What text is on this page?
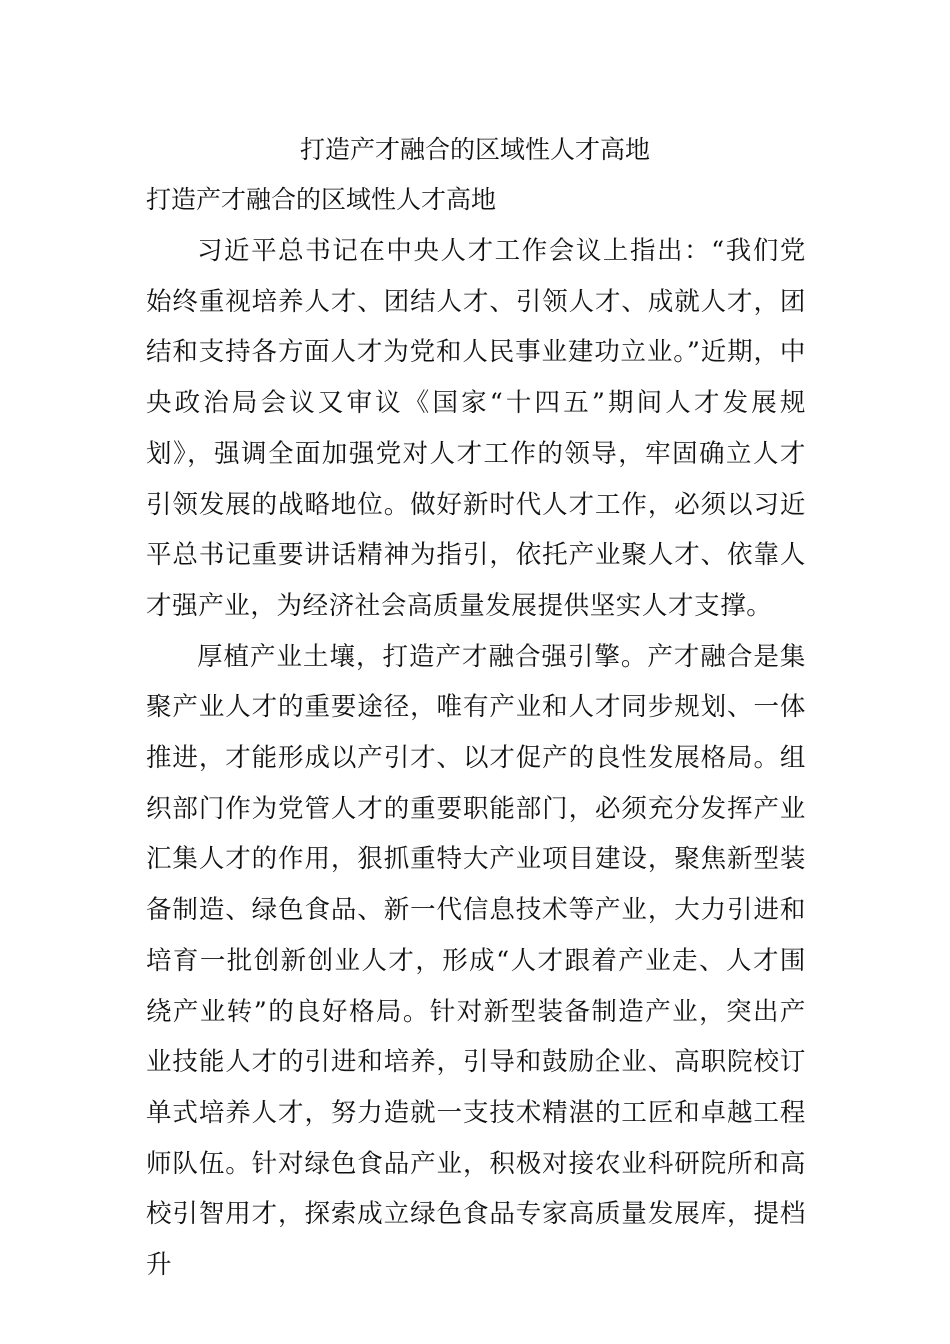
打造产才融合的区域性人才高地
打造产才融合的区域性人才高地

习近平总书记在中央人才工作会议上指出：“我们党始终重视培养人才、团结人才、引领人才、成就人才，团结和支持各方面人才为党和人民事业建功立业。”近期，中央政治局会议又审议《国家“十四五”期间人才发展规划》，强调全面加强党对人才工作的领导，牢固确立人才引领发展的战略地位。做好新时代人才工作，必须以习近平总书记重要讲话精神为指引，依托产业聚人才、依靠人才强产业，为经济社会高质量发展提供坚实人才支撑。

厚植产业土壤，打造产才融合强引擎。产才融合是集聚产业人才的重要途径，唯有产业和人才同步规划、一体推进，才能形成以产引才、以才促产的良性发展格局。组织部门作为党管人才的重要职能部门，必须充分发挥产业汇集人才的作用，狠抓重特大产业项目建设，聚焦新型装备制造、绿色食品、新一代信息技术等产业，大力引进和培育一批创新创业人才，形成“人才跟着产业走、人才围绕产业转”的良好格局。针对新型装备制造产业，突出产业技能人才的引进和培养，引导和鼓励企业、高职院校订单式培养人才，努力造就一支技术精湛的工匠和卓越工程师队伍。针对绿色食品产业，积极对接农业科研院所和高校引智用才，探索成立绿色食品专家高质量发展库，提档升
